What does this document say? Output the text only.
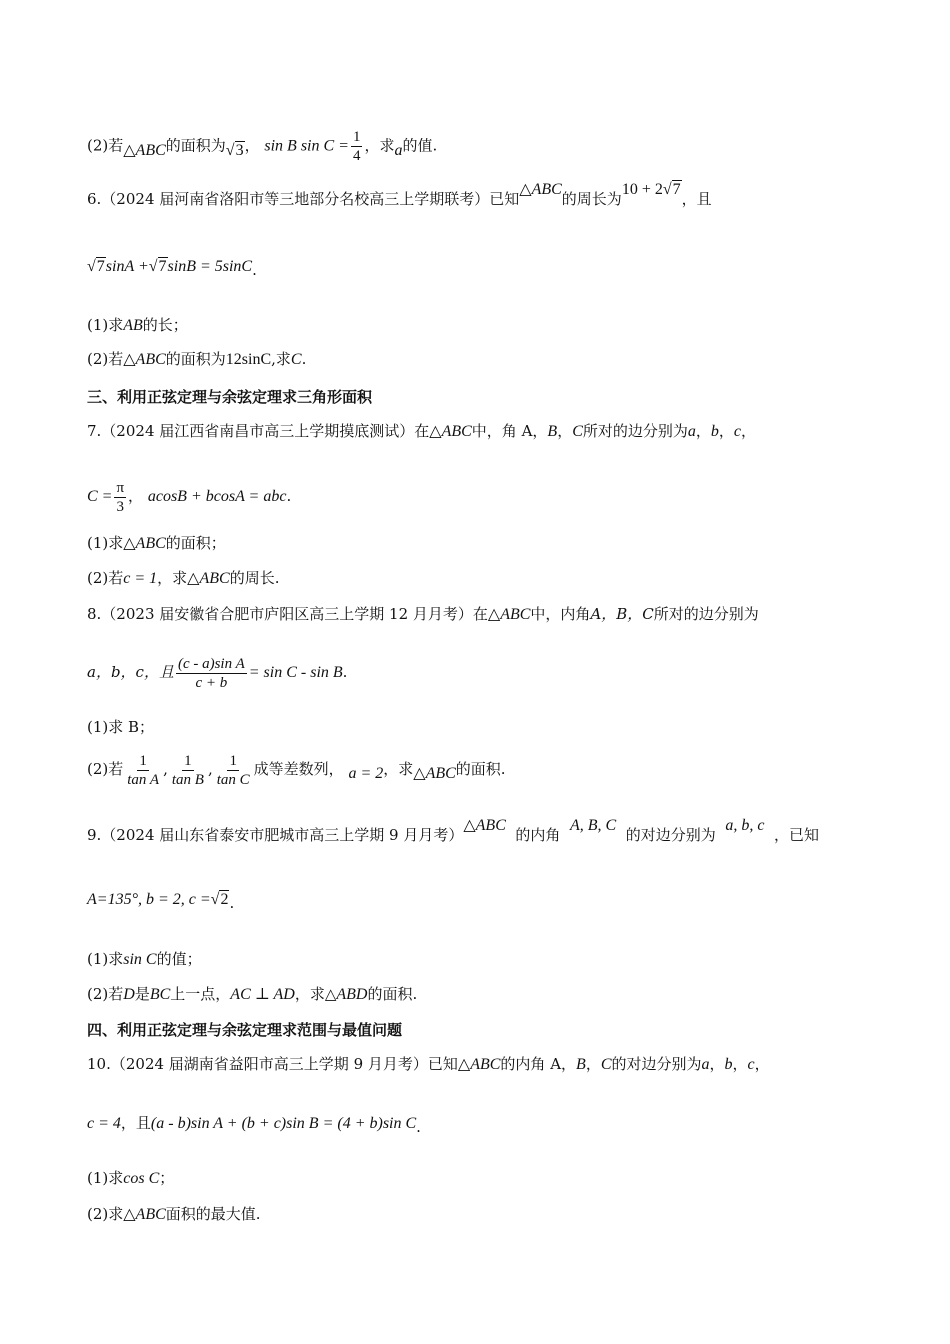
(2)若△ABC的面积为√3， sin B $\sin C = \frac{1}{4}$ ，求a的值.
6.（2024 届河南省洛阳市等三地部分名校高三上学期联考）已知△ABC的周长为10 + 2√7，且
√7sinA +√7sinB = 5sinC.
(1)求AB的长；
(2)若△ABC的面积为12sinC,求C.
三、利用正弦定理与余弦定理求三角形面积
7.（2024 届江西省南昌市高三上学期摸底测试）在△ABC中，角 A，B，C所对的边分别为a，b，c，
$C = \frac{\pi}{3}$ ， acosB + bcosA = abc.
(1)求△ABC的面积；
(2)若c = 1，求△ABC的周长.
8.（2023 届安徽省合肥市庐阳区高三上学期 12 月月考）在△ABC中，内角A，B，C所对的边分别为
a，b，c，且 $\frac{\text{(c - a)sin A}}{c + b} = \sin C - \sin B$.
(1)求 B；
(2)若 $\frac{1}{\text{tan A}}$ , $\frac{1}{\text{tan B}}$ , $\frac{1}{\text{tan C}}$ 成等差数列， a = 2，求△ABC的面积.
9.（2024 届山东省泰安市肥城市高三上学期 9 月月考）△ABC  的内角  A, B, C  的对边分别为  a, b, c  ，已知
A=135°, b = 2, c =√2.
(1)求sin C的值；
(2)若D是BC上一点，AC ⊥ AD，求△ABD的面积.
四、利用正弦定理与余弦定理求范围与最值问题
10.（2024 届湖南省益阳市高三上学期 9 月月考）已知△ABC的内角 A，B，C的对边分别为a，b，c，
c = 4，且(a - b)sin A + (b + c)sin B = (4 + b)sin C.
(1)求cos C；
(2)求△ABC面积的最大值.
